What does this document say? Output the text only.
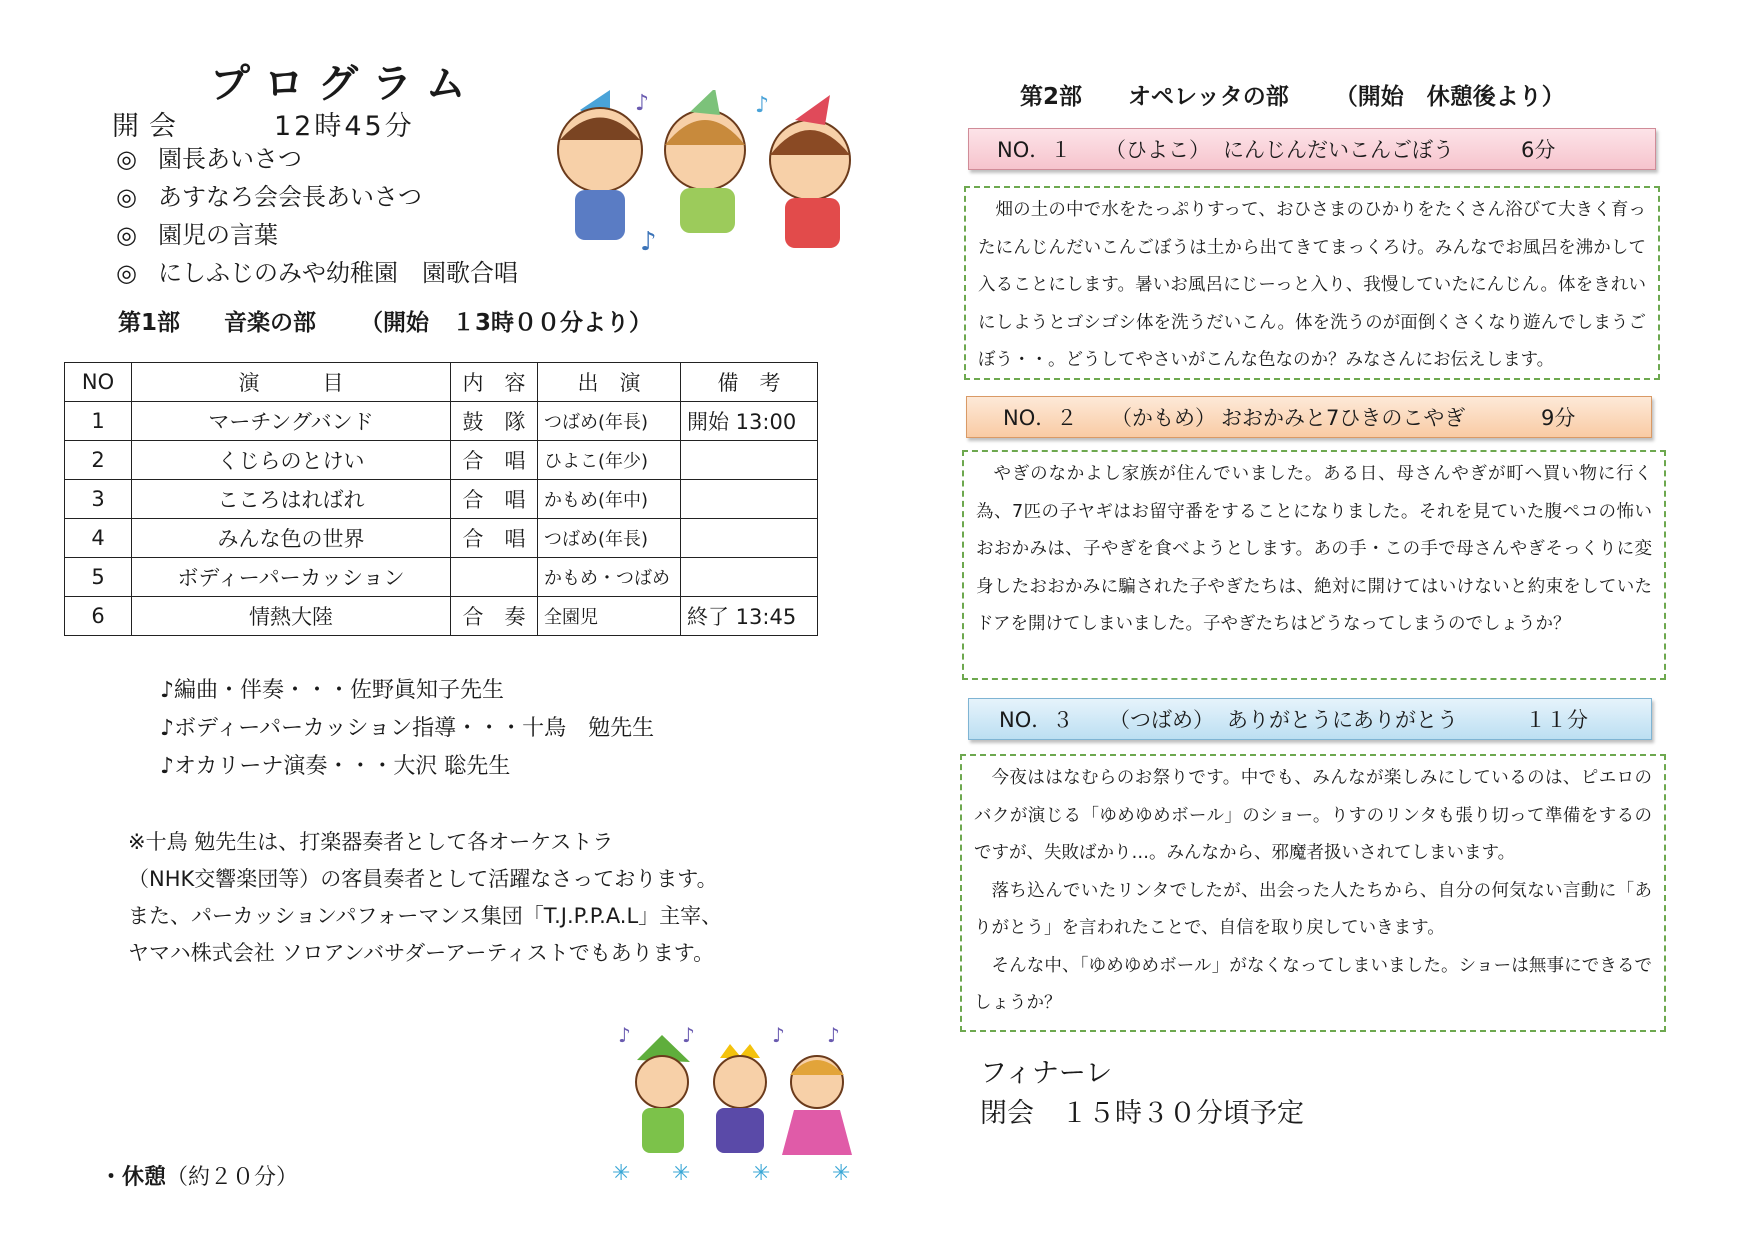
プログラム
開会	12時45分
◎ 園長あいさつ
◎ あすなろ会会長あいさつ
◎ 園児の言葉
◎ にしふじのみや幼稚園　園歌合唱
♪	♪
♪
第1部 音楽の部 （開始　１3時００分より）
NO	演　　　目	内　容	出　演	備　考
1	マーチングバンド	鼓　隊	つばめ(年長)	開始 13:00
2	くじらのとけい	合　唱	ひよこ(年少)	
3	こころはればれ	合　唱	かもめ(年中)	
4	みんな色の世界	合　唱	つばめ(年長)	
5	ボディーパーカッション		かもめ・つばめ	
6	情熱大陸	合　奏	全園児	終了 13:45
♪編曲・伴奏・・・佐野眞知子先生
♪ボディーパーカッション指導・・・十鳥　勉先生
♪オカリーナ演奏・・・大沢 聡先生
※十鳥 勉先生は、打楽器奏者として各オーケストラ
（NHK交響楽団等）の客員奏者として活躍なさっております。
また、パーカッションパフォーマンス集団「T.J.P.P.A.L」主宰、
ヤマハ株式会社 ソロアンバサダーアーティストでもあります。
♪	♪	♪ ♪
✳ ✳	✳	✳
・休憩（約２０分）
第2部 オペレッタの部 （開始　休憩後より）
NO．１	（ひよこ） にんじんだいこんごぼう	6分

畑の土の中で水をたっぷりすって、おひさまのひかりをたくさん浴びて大きく育ったにんじんだいこんごぼうは土から出てきてまっくろけ。みんなでお風呂を沸かして入ることにします。暑いお風呂にじーっと入り、我慢していたにんじん。体をきれいにしようとゴシゴシ体を洗うだいこん。体を洗うのが面倒くさくなり遊んでしまうごぼう・・。どうしてやさいがこんな色なのか？みなさんにお伝えします。

NO．２	（かもめ） おおかみと7ひきのこやぎ	9分

やぎのなかよし家族が住んでいました。ある日、母さんやぎが町へ買い物に行く為、7匹の子ヤギはお留守番をすることになりました。それを見ていた腹ペコの怖いおおかみは、子やぎを食べようとします。あの手・この手で母さんやぎそっくりに変身したおおかみに騙された子やぎたちは、絶対に開けてはいけないと約束をしていたドアを開けてしまいました。子やぎたちはどうなってしまうのでしょうか？

NO．３	（つばめ） ありがとうにありがとう	１１分

今夜ははなむらのお祭りです。中でも、みんなが楽しみにしているのは、ピエロのバクが演じる「ゆめゆめボール」のショー。りすのリンタも張り切って準備をするのですが、失敗ばかり…。みんなから、邪魔者扱いされてしまいます。

落ち込んでいたリンタでしたが、出会った人たちから、自分の何気ない言動に「ありがとう」を言われたことで、自信を取り戻していきます。

そんな中、「ゆめゆめボール」がなくなってしまいました。ショーは無事にできるでしょうか？

フィナーレ
閉会　１５時３０分頃予定
